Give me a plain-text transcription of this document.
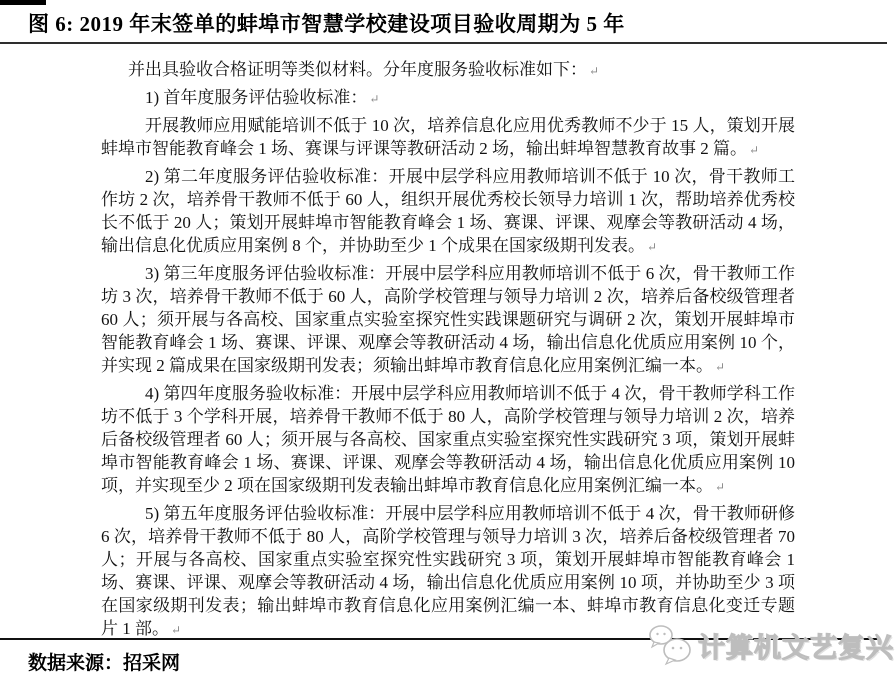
图 6: 2019 年末签单的蚌埠市智慧学校建设项目验收周期为 5 年

并出具验收合格证明等类似材料。分年度服务验收标准如下： ↵

1) 首年度服务评估验收标准： ↵

开展教师应用赋能培训不低于 10 次，培养信息化应用优秀教师不少于 15 人，策划开展蚌埠市智能教育峰会 1 场、赛课与评课等教研活动 2 场，输出蚌埠智慧教育故事 2 篇。 ↵

2) 第二年度服务评估验收标准：开展中层学科应用教师培训不低于 10 次，骨干教师工作坊 2 次，培养骨干教师不低于 60 人，组织开展优秀校长领导力培训 1 次，帮助培养优秀校长不低于 20 人；策划开展蚌埠市智能教育峰会 1 场、赛课、评课、观摩会等教研活动 4 场，输出信息化优质应用案例 8 个，并协助至少 1 个成果在国家级期刊发表。 ↵

3) 第三年度服务评估验收标准：开展中层学科应用教师培训不低于 6 次，骨干教师工作坊 3 次，培养骨干教师不低于 60 人，高阶学校管理与领导力培训 2 次，培养后备校级管理者 60 人；须开展与各高校、国家重点实验室探究性实践课题研究与调研 2 次，策划开展蚌埠市智能教育峰会 1 场、赛课、评课、观摩会等教研活动 4 场，输出信息化优质应用案例 10 个，并实现 2 篇成果在国家级期刊发表；须输出蚌埠市教育信息化应用案例汇编一本。 ↵

4) 第四年度服务验收标准：开展中层学科应用教师培训不低于 4 次，骨干教师学科工作坊不低于 3 个学科开展，培养骨干教师不低于 80 人，高阶学校管理与领导力培训 2 次，培养后备校级管理者 60 人；须开展与各高校、国家重点实验室探究性实践研究 3 项，策划开展蚌埠市智能教育峰会 1 场、赛课、评课、观摩会等教研活动 4 场，输出信息化优质应用案例 10 项，并实现至少 2 项在国家级期刊发表输出蚌埠市教育信息化应用案例汇编一本。 ↵

5) 第五年度服务评估验收标准：开展中层学科应用教师培训不低于 4 次，骨干教师研修 6 次，培养骨干教师不低于 80 人，高阶学校管理与领导力培训 3 次，培养后备校级管理者 70 人；开展与各高校、国家重点实验室探究性实践研究 3 项，策划开展蚌埠市智能教育峰会 1 场、赛课、评课、观摩会等教研活动 4 场，输出信息化优质应用案例 10 项，并协助至少 3 项在国家级期刊发表；输出蚌埠市教育信息化应用案例汇编一本、蚌埠市教育信息化变迁专题片 1 部。 ↵

数据来源：招采网
计算机文艺复兴
